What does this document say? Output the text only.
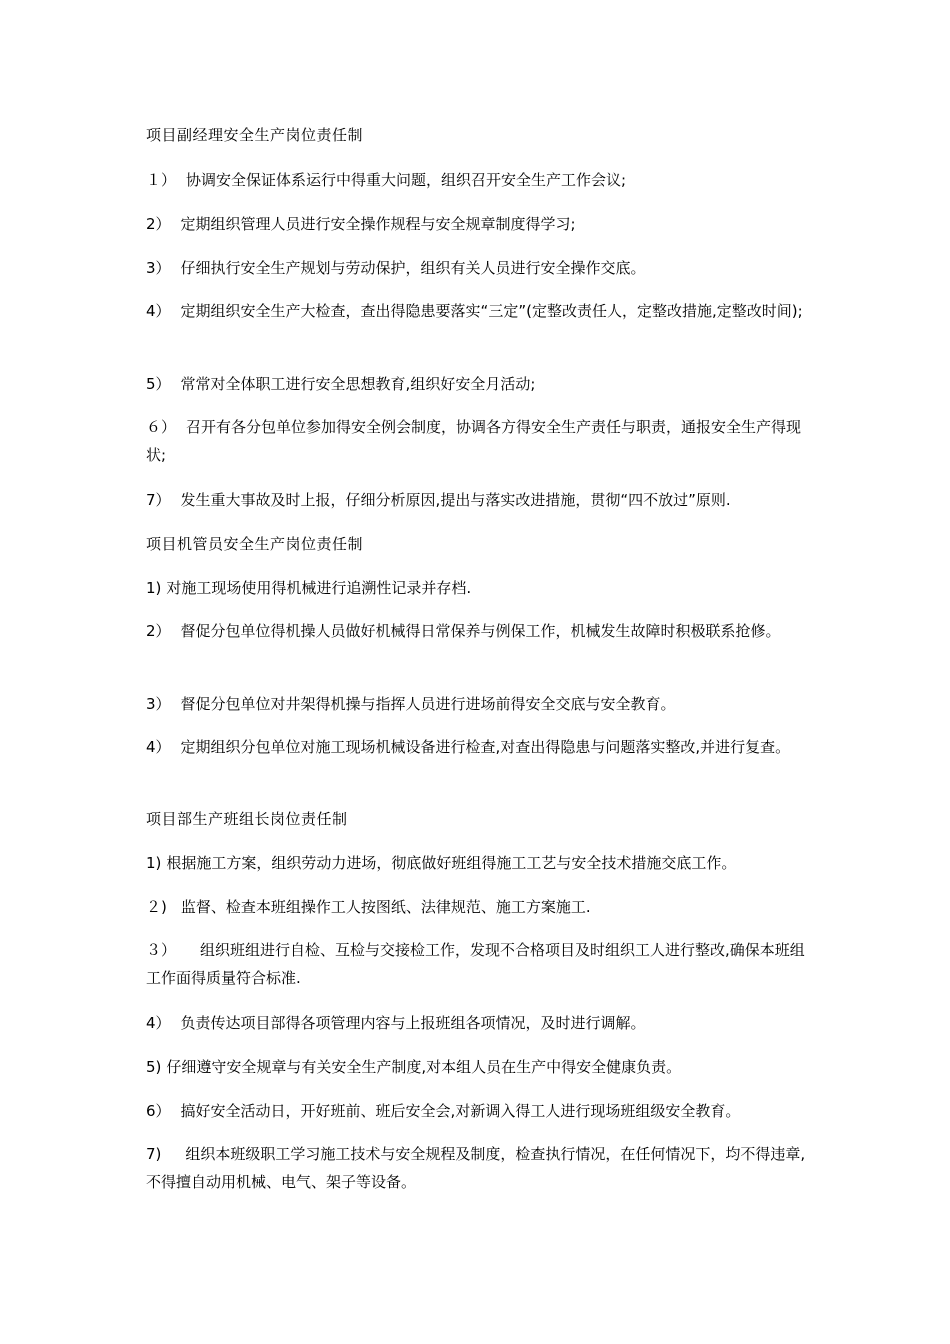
项目副经理安全生产岗位责任制
１） 协调安全保证体系运行中得重大问题，组织召开安全生产工作会议;
2） 定期组织管理人员进行安全操作规程与安全规章制度得学习;
3） 仔细执行安全生产规划与劳动保护，组织有关人员进行安全操作交底。
4） 定期组织安全生产大检查，查出得隐患要落实“三定”(定整改责任人，定整改措施,定整改时间);
5） 常常对全体职工进行安全思想教育,组织好安全月活动;
６） 召开有各分包单位参加得安全例会制度，协调各方得安全生产责任与职责，通报安全生产得现状;
7） 发生重大事故及时上报，仔细分析原因,提出与落实改进措施，贯彻“四不放过”原则.
项目机管员安全生产岗位责任制
1) 对施工现场使用得机械进行追溯性记录并存档.
2） 督促分包单位得机操人员做好机械得日常保养与例保工作，机械发生故障时积极联系抢修。
3） 督促分包单位对井架得机操与指挥人员进行进场前得安全交底与安全教育。
4） 定期组织分包单位对施工现场机械设备进行检查,对查出得隐患与问题落实整改,并进行复查。
项目部生产班组长岗位责任制
1) 根据施工方案，组织劳动力进场，彻底做好班组得施工工艺与安全技术措施交底工作。
２) 监督、检查本班组操作工人按图纸、法律规范、施工方案施工.
３） 组织班组进行自检、互检与交接检工作，发现不合格项目及时组织工人进行整改,确保本班组工作面得质量符合标准.
4） 负责传达项目部得各项管理内容与上报班组各项情况，及时进行调解。
5) 仔细遵守安全规章与有关安全生产制度,对本组人员在生产中得安全健康负责。
6） 搞好安全活动日，开好班前、班后安全会,对新调入得工人进行现场班组级安全教育。
7) 组织本班级职工学习施工技术与安全规程及制度，检查执行情况，在任何情况下，均不得违章,不得擅自动用机械、电气、架子等设备。
